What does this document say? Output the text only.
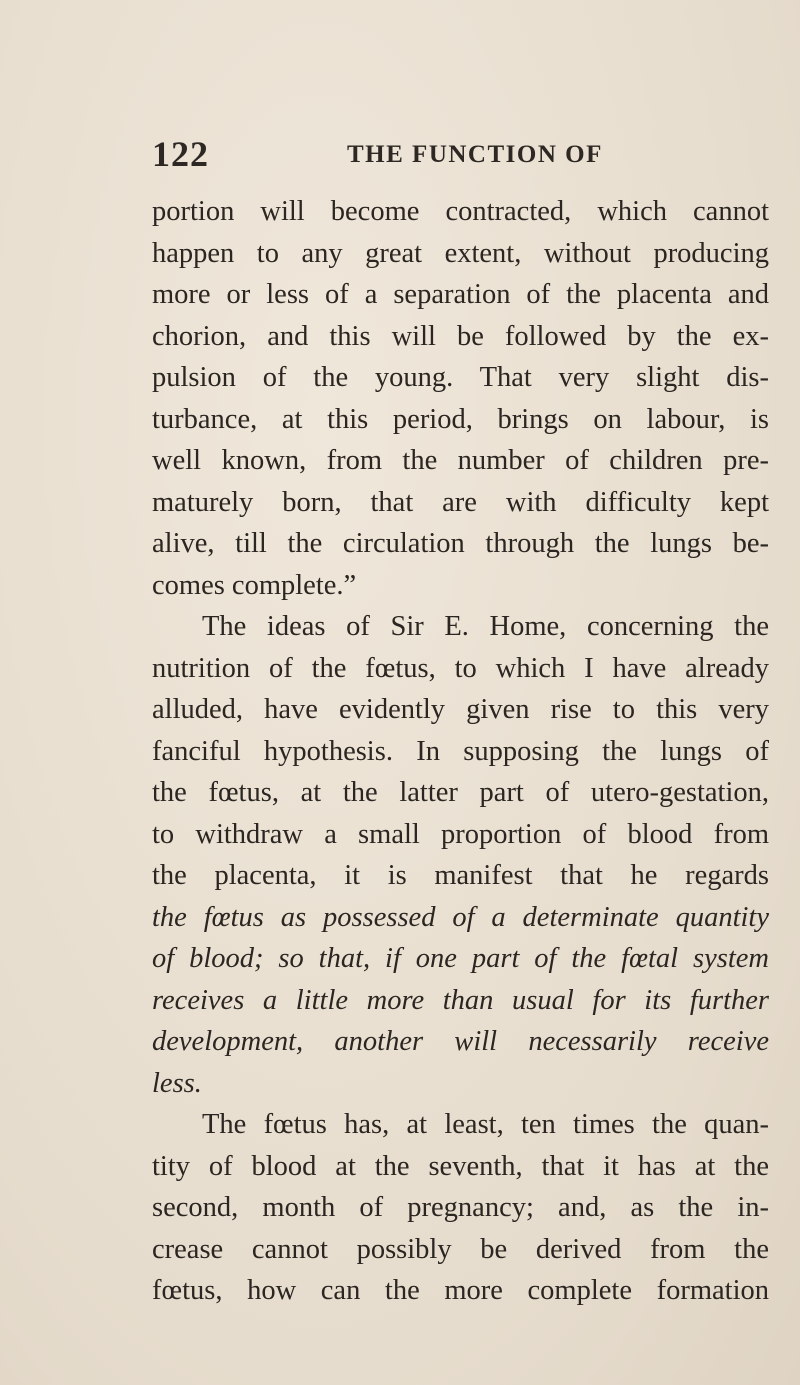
122	THE FUNCTION OF
portion will become contracted, which cannot
happen to any great extent, without producing
more or less of a separation of the placenta and
chorion, and this will be followed by the ex-
pulsion of the young. That very slight dis-
turbance, at this period, brings on labour, is
well known, from the number of children pre-
maturely born, that are with difficulty kept
alive, till the circulation through the lungs be-
comes complete.”
The ideas of Sir E. Home, concerning the
nutrition of the fœtus, to which I have already
alluded, have evidently given rise to this very
fanciful hypothesis. In supposing the lungs of
the fœtus, at the latter part of utero-gestation,
to withdraw a small proportion of blood from
the placenta, it is manifest that he regards
the fœtus as possessed of a determinate quantity
of blood; so that, if one part of the fœtal system
receives a little more than usual for its further
development, another will necessarily receive
less.
The fœtus has, at least, ten times the quan-
tity of blood at the seventh, that it has at the
second, month of pregnancy; and, as the in-
crease cannot possibly be derived from the
fœtus, how can the more complete formation
